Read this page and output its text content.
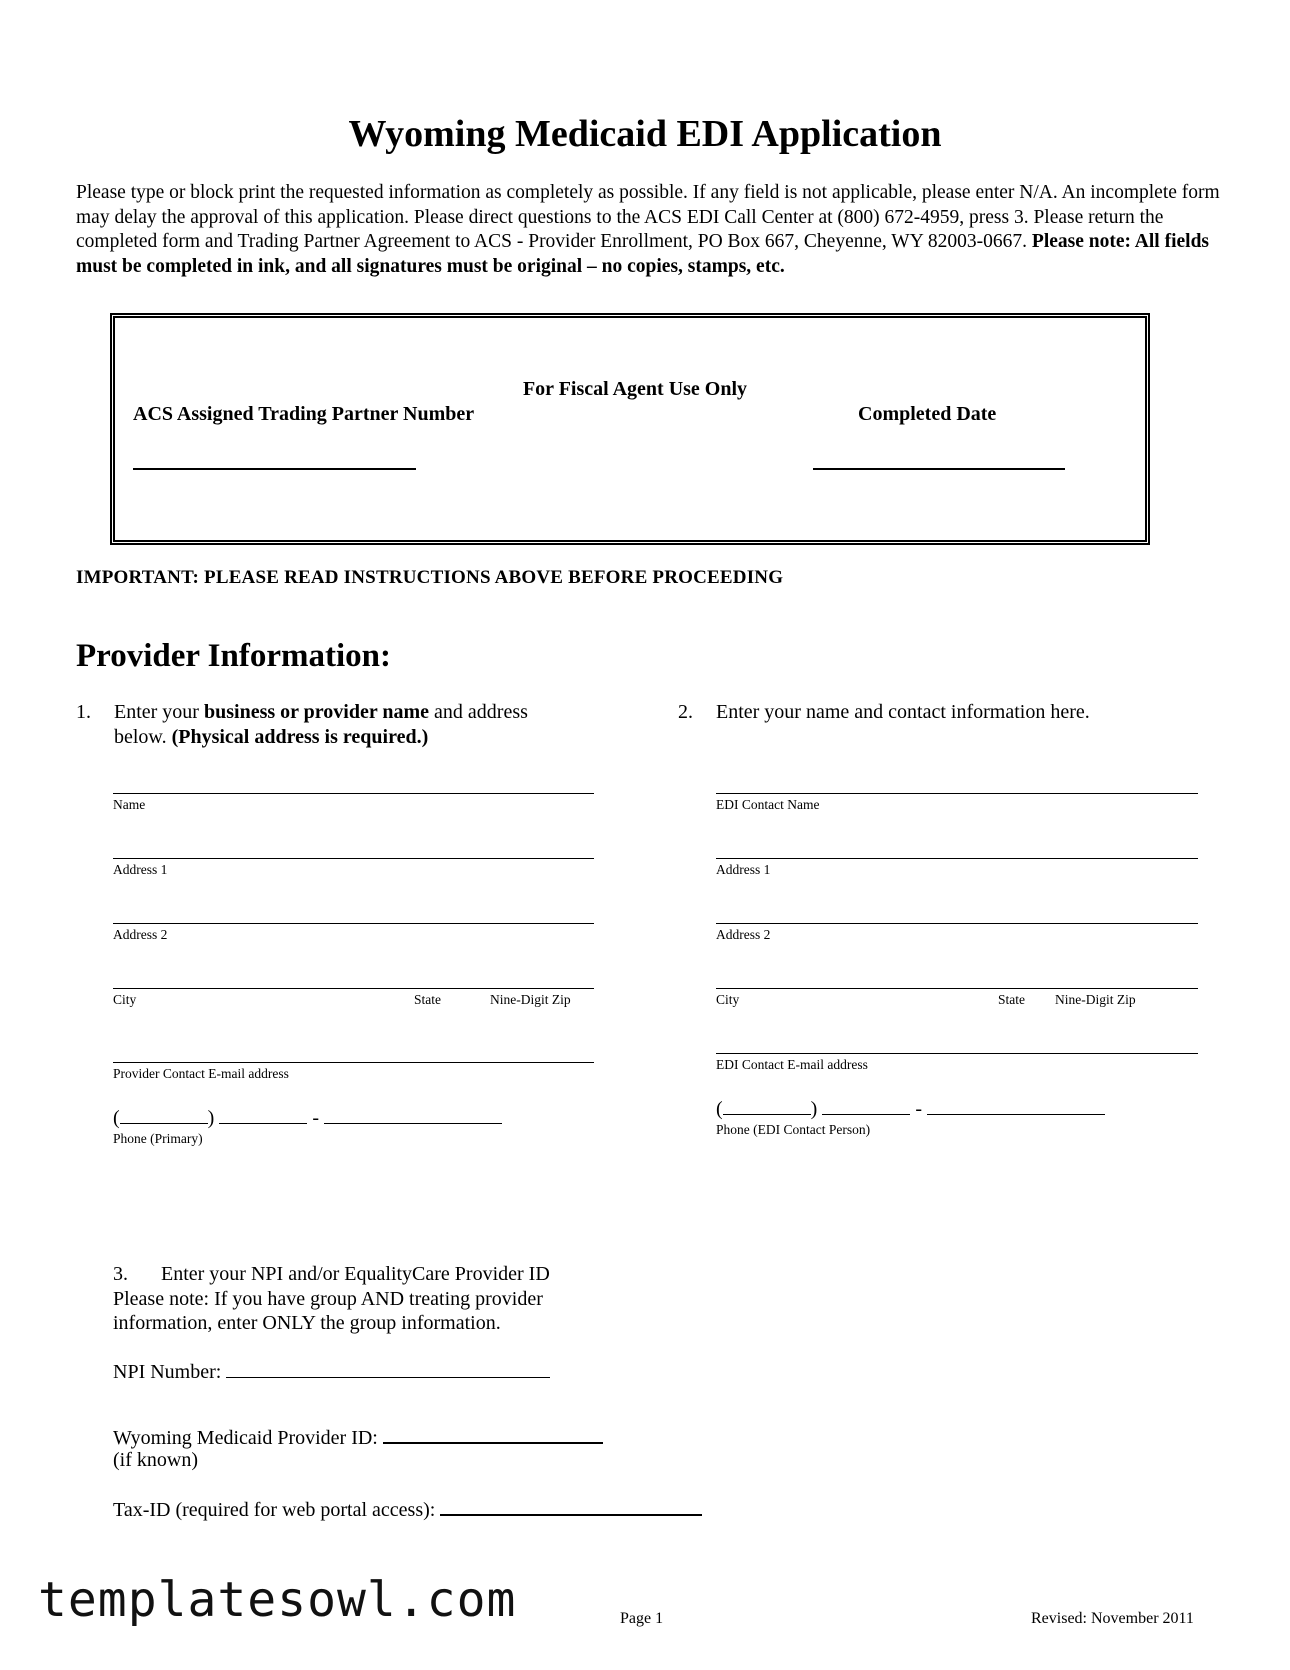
Wyoming Medicaid EDI Application
Please type or block print the requested information as completely as possible. If any field is not applicable, please enter N/A. An incomplete form may delay the approval of this application. Please direct questions to the ACS EDI Call Center at (800) 672-4959, press 3. Please return the completed form and Trading Partner Agreement to ACS - Provider Enrollment, PO Box 667, Cheyenne, WY 82003-0667. Please note: All fields must be completed in ink, and all signatures must be original – no copies, stamps, etc.
For Fiscal Agent Use Only
ACS Assigned Trading Partner Number	Completed Date
IMPORTANT: PLEASE READ INSTRUCTIONS ABOVE BEFORE PROCEEDING
Provider Information:
1. Enter your business or provider name and address
below. (Physical address is required.)
2. Enter your name and contact information here.
Name
Address 1
Address 2
City	State	Nine-Digit Zip
Provider Contact E-mail address
(	)	-
Phone (Primary)
EDI Contact Name
Address 1
Address 2
City	State Nine-Digit Zip
EDI Contact E-mail address
(	)	-
Phone (EDI Contact Person)
3. Enter your NPI and/or EqualityCare Provider ID
Please note: If you have group AND treating provider
information, enter ONLY the group information.
NPI Number:
Wyoming Medicaid Provider ID:
(if known)
Tax-ID (required for web portal access):
templatesowl.com	Page 1	Revised: November 2011
